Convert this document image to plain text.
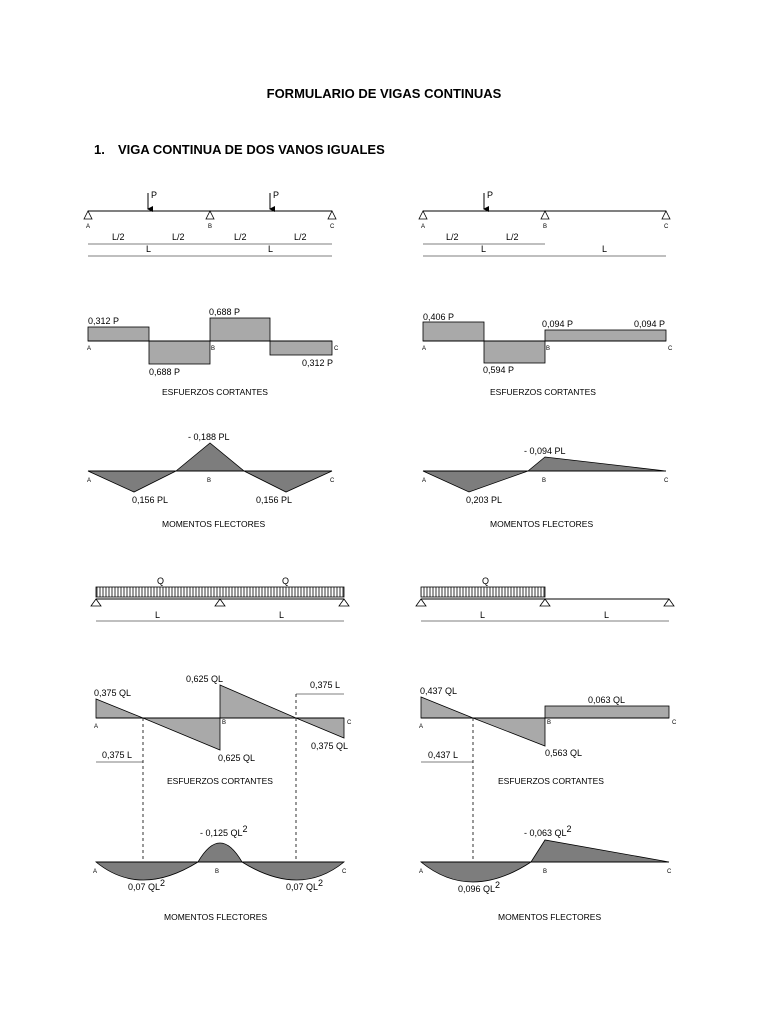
FORMULARIO DE VIGAS CONTINUAS
1. VIGA CONTINUA DE DOS VANOS IGUALES
P	P
A	B	C
L/2	L/2	L/2	L/2
L	L
0,312 P
0,688 P
0,688 P
0,312 P
A	B	C
ESFUERZOS CORTANTES
- 0,188 PL
0,156 PL	0,156 PL
A	B	C
MOMENTOS FLECTORES
P
A	B	C
L/2	L/2
L	L
0,406 P
0,594 P
0,094 P	0,094 P
A	B	C
ESFUERZOS CORTANTES
- 0,094 PL
0,203 PL
A	B	C
MOMENTOS FLECTORES
Q	Q
L	L
0,375 QL
0,625 QL
0,625 QL
0,375 QL
0,375 L
0,375 L
A
B	C
ESFUERZOS CORTANTES
- 0,125 QL2
0,07 QL2	0,07 QL2
A	B	C
MOMENTOS FLECTORES
Q
L	L
0,437 QL
0,563 QL
0,063 QL
0,437 L
A
B	C
ESFUERZOS CORTANTES
- 0,063 QL2
0,096 QL2
A	B	C
MOMENTOS FLECTORES
